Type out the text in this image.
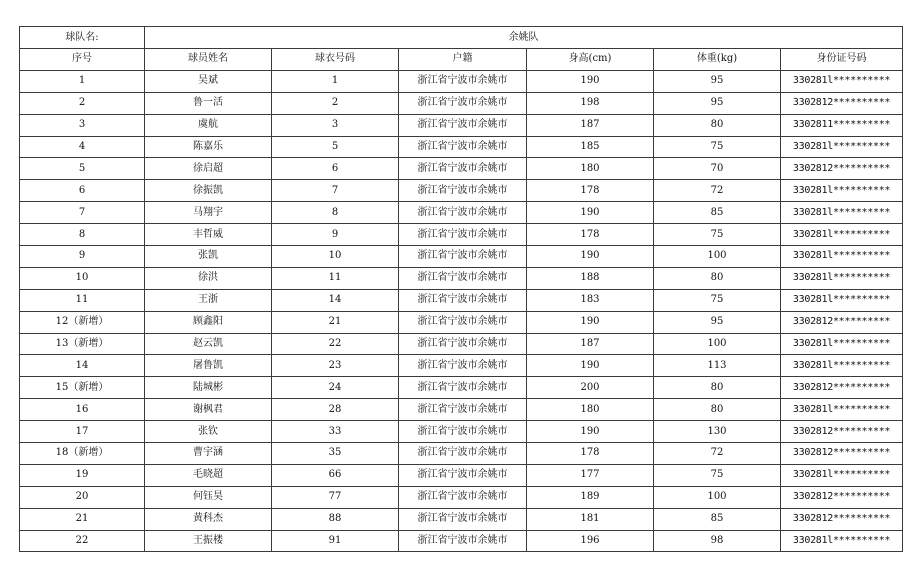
球队名:	余姚队					
序号	球员姓名	球衣号码	户籍	身高(cm)	体重(kg)	身份证号码
1	吴斌	1	浙江省宁波市余姚市	190	95	330281l**********
2	鲁一活	2	浙江省宁波市余姚市	198	95	3302812**********
3	虞航	3	浙江省宁波市余姚市	187	80	3302811**********
4	陈嘉乐	5	浙江省宁波市余姚市	185	75	330281l**********
5	徐启超	6	浙江省宁波市余姚市	180	70	3302812**********
6	徐振凯	7	浙江省宁波市余姚市	178	72	330281l**********
7	马翔宇	8	浙江省宁波市余姚市	190	85	330281l**********
8	丰哲威	9	浙江省宁波市余姚市	178	75	330281l**********
9	张凯	10	浙江省宁波市余姚市	190	100	330281l**********
10	徐洪	11	浙江省宁波市余姚市	188	80	330281l**********
11	王浙	14	浙江省宁波市余姚市	183	75	330281l**********
12（新增）	顾鑫阳	21	浙江省宁波市余姚市	190	95	3302812**********
13（新增）	赵云凯	22	浙江省宁波市余姚市	187	100	330281l**********
14	屠鲁凯	23	浙江省宁波市余姚市	190	113	330281l**********
15（新增）	陆城彬	24	浙江省宁波市余姚市	200	80	3302812**********
16	谢枫君	28	浙江省宁波市余姚市	180	80	330281l**********
17	张钦	33	浙江省宁波市余姚市	190	130	3302812**********
18（新增）	曹宇涵	35	浙江省宁波市余姚市	178	72	3302812**********
19	毛晓超	66	浙江省宁波市余姚市	177	75	330281l**********
20	何钰昊	77	浙江省宁波市余姚市	189	100	3302812**********
21	黄科杰	88	浙江省宁波市余姚市	181	85	3302812**********
22	王振楼	91	浙江省宁波市余姚市	196	98	330281l**********
